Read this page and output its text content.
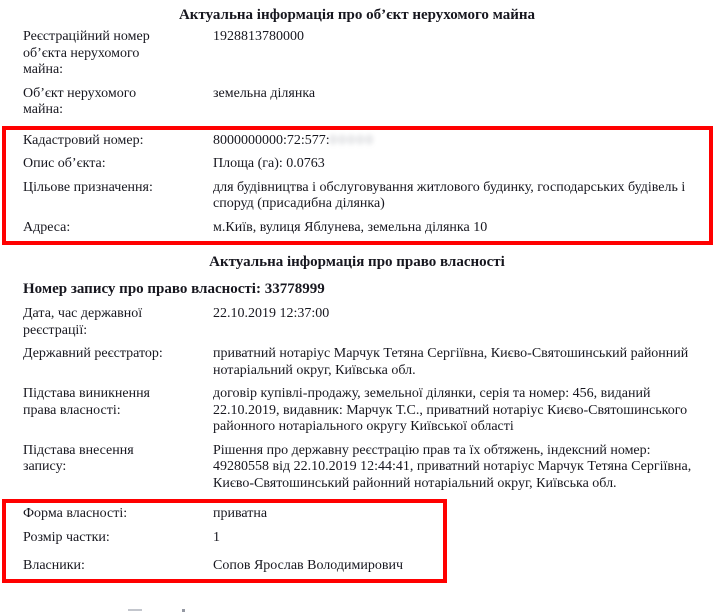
Актуальна інформація про об’єкт нерухомого майна
Реєстраційний номер об’єкта нерухомого майна:
1928813780000
Об’єкт нерухомого майна:
земельна ділянка
Кадастровий номер:	8000000000:72:577:00000
Опис об’єкта:	Площа (га): 0.0763
Цільове призначення:	для будівництва і обслуговування житлового будинку, господарських будівель і споруд (присадибна ділянка)
Адреса:	м.Київ, вулиця Яблунева, земельна ділянка 10
Актуальна інформація про право власності
Номер запису про право власності: 33778999
Дата, час державної реєстрації:
22.10.2019 12:37:00
Державний реєстратор:	приватний нотаріус Марчук Тетяна Сергіївна, Києво-Святошинський районний нотаріальний округ, Київська обл.
Підстава виникнення права власності:
договір купівлі-продажу, земельної ділянки, серія та номер: 456, виданий 22.10.2019, видавник: Марчук Т.С., приватний нотаріус Києво-Святошинського районного нотаріального округу Київської області
Підстава внесення запису:
Рішення про державну реєстрацію прав та їх обтяжень, індексний номер: 49280558 від 22.10.2019 12:44:41, приватний нотаріус Марчук Тетяна Сергіївна, Києво-Святошинський районний нотаріальний округ, Київська обл.
Форма власності:	приватна
Розмір частки:	1
Власники:	Сопов Ярослав Володимирович
